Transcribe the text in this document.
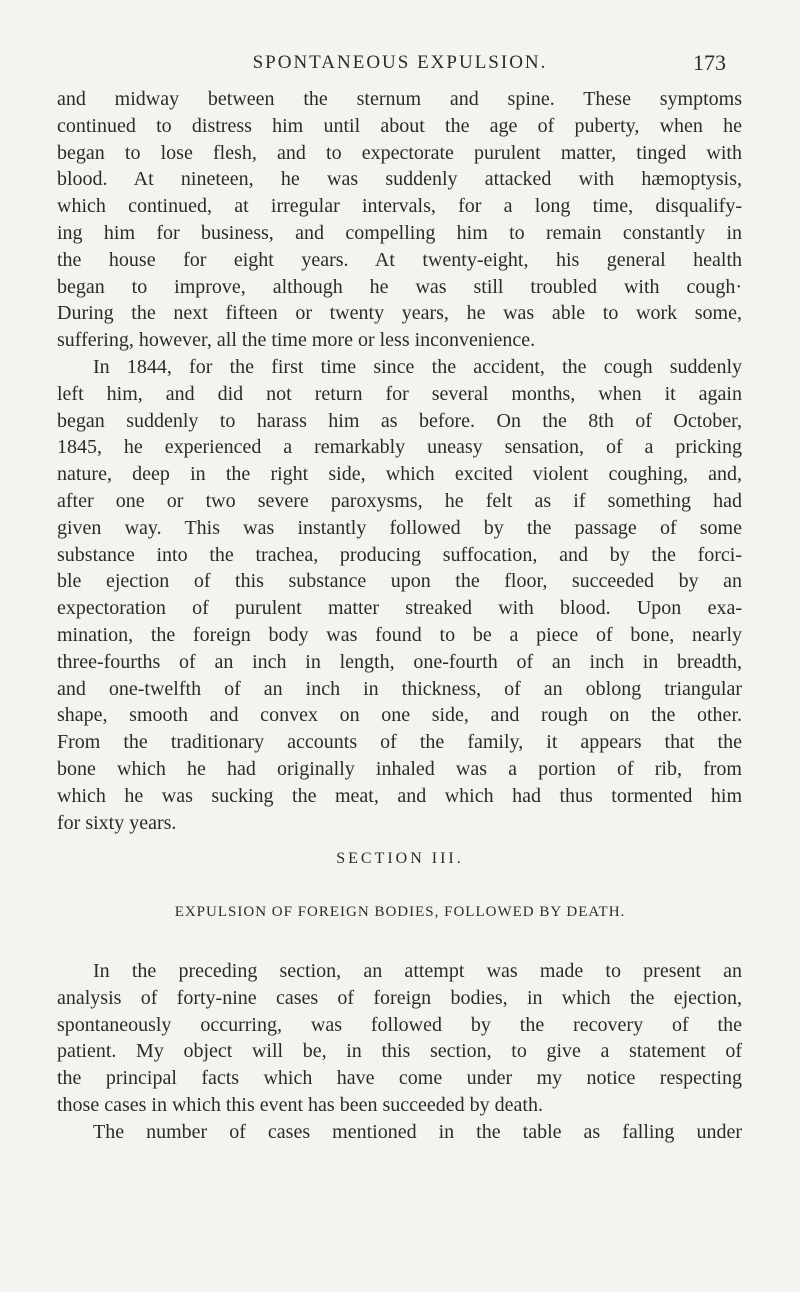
SPONTANEOUS EXPULSION.	173
and midway between the sternum and spine. These symptoms
continued to distress him until about the age of puberty, when he
began to lose flesh, and to expectorate purulent matter, tinged with
blood. At nineteen, he was suddenly attacked with hæmoptysis,
which continued, at irregular intervals, for a long time, disqualify-
ing him for business, and compelling him to remain constantly in
the house for eight years. At twenty-eight, his general health
began to improve, although he was still troubled with cough·
During the next fifteen or twenty years, he was able to work some,
suffering, however, all the time more or less inconvenience.
In 1844, for the first time since the accident, the cough suddenly
left him, and did not return for several months, when it again
began suddenly to harass him as before. On the 8th of October,
1845, he experienced a remarkably uneasy sensation, of a pricking
nature, deep in the right side, which excited violent coughing, and,
after one or two severe paroxysms, he felt as if something had
given way. This was instantly followed by the passage of some
substance into the trachea, producing suffocation, and by the forci-
ble ejection of this substance upon the floor, succeeded by an
expectoration of purulent matter streaked with blood. Upon exa-
mination, the foreign body was found to be a piece of bone, nearly
three-fourths of an inch in length, one-fourth of an inch in breadth,
and one-twelfth of an inch in thickness, of an oblong triangular
shape, smooth and convex on one side, and rough on the other.
From the traditionary accounts of the family, it appears that the
bone which he had originally inhaled was a portion of rib, from
which he was sucking the meat, and which had thus tormented him
for sixty years.
SECTION III.
EXPULSION OF FOREIGN BODIES, FOLLOWED BY DEATH.
In the preceding section, an attempt was made to present an
analysis of forty-nine cases of foreign bodies, in which the ejection,
spontaneously occurring, was followed by the recovery of the
patient. My object will be, in this section, to give a statement of
the principal facts which have come under my notice respecting
those cases in which this event has been succeeded by death.
The number of cases mentioned in the table as falling under
